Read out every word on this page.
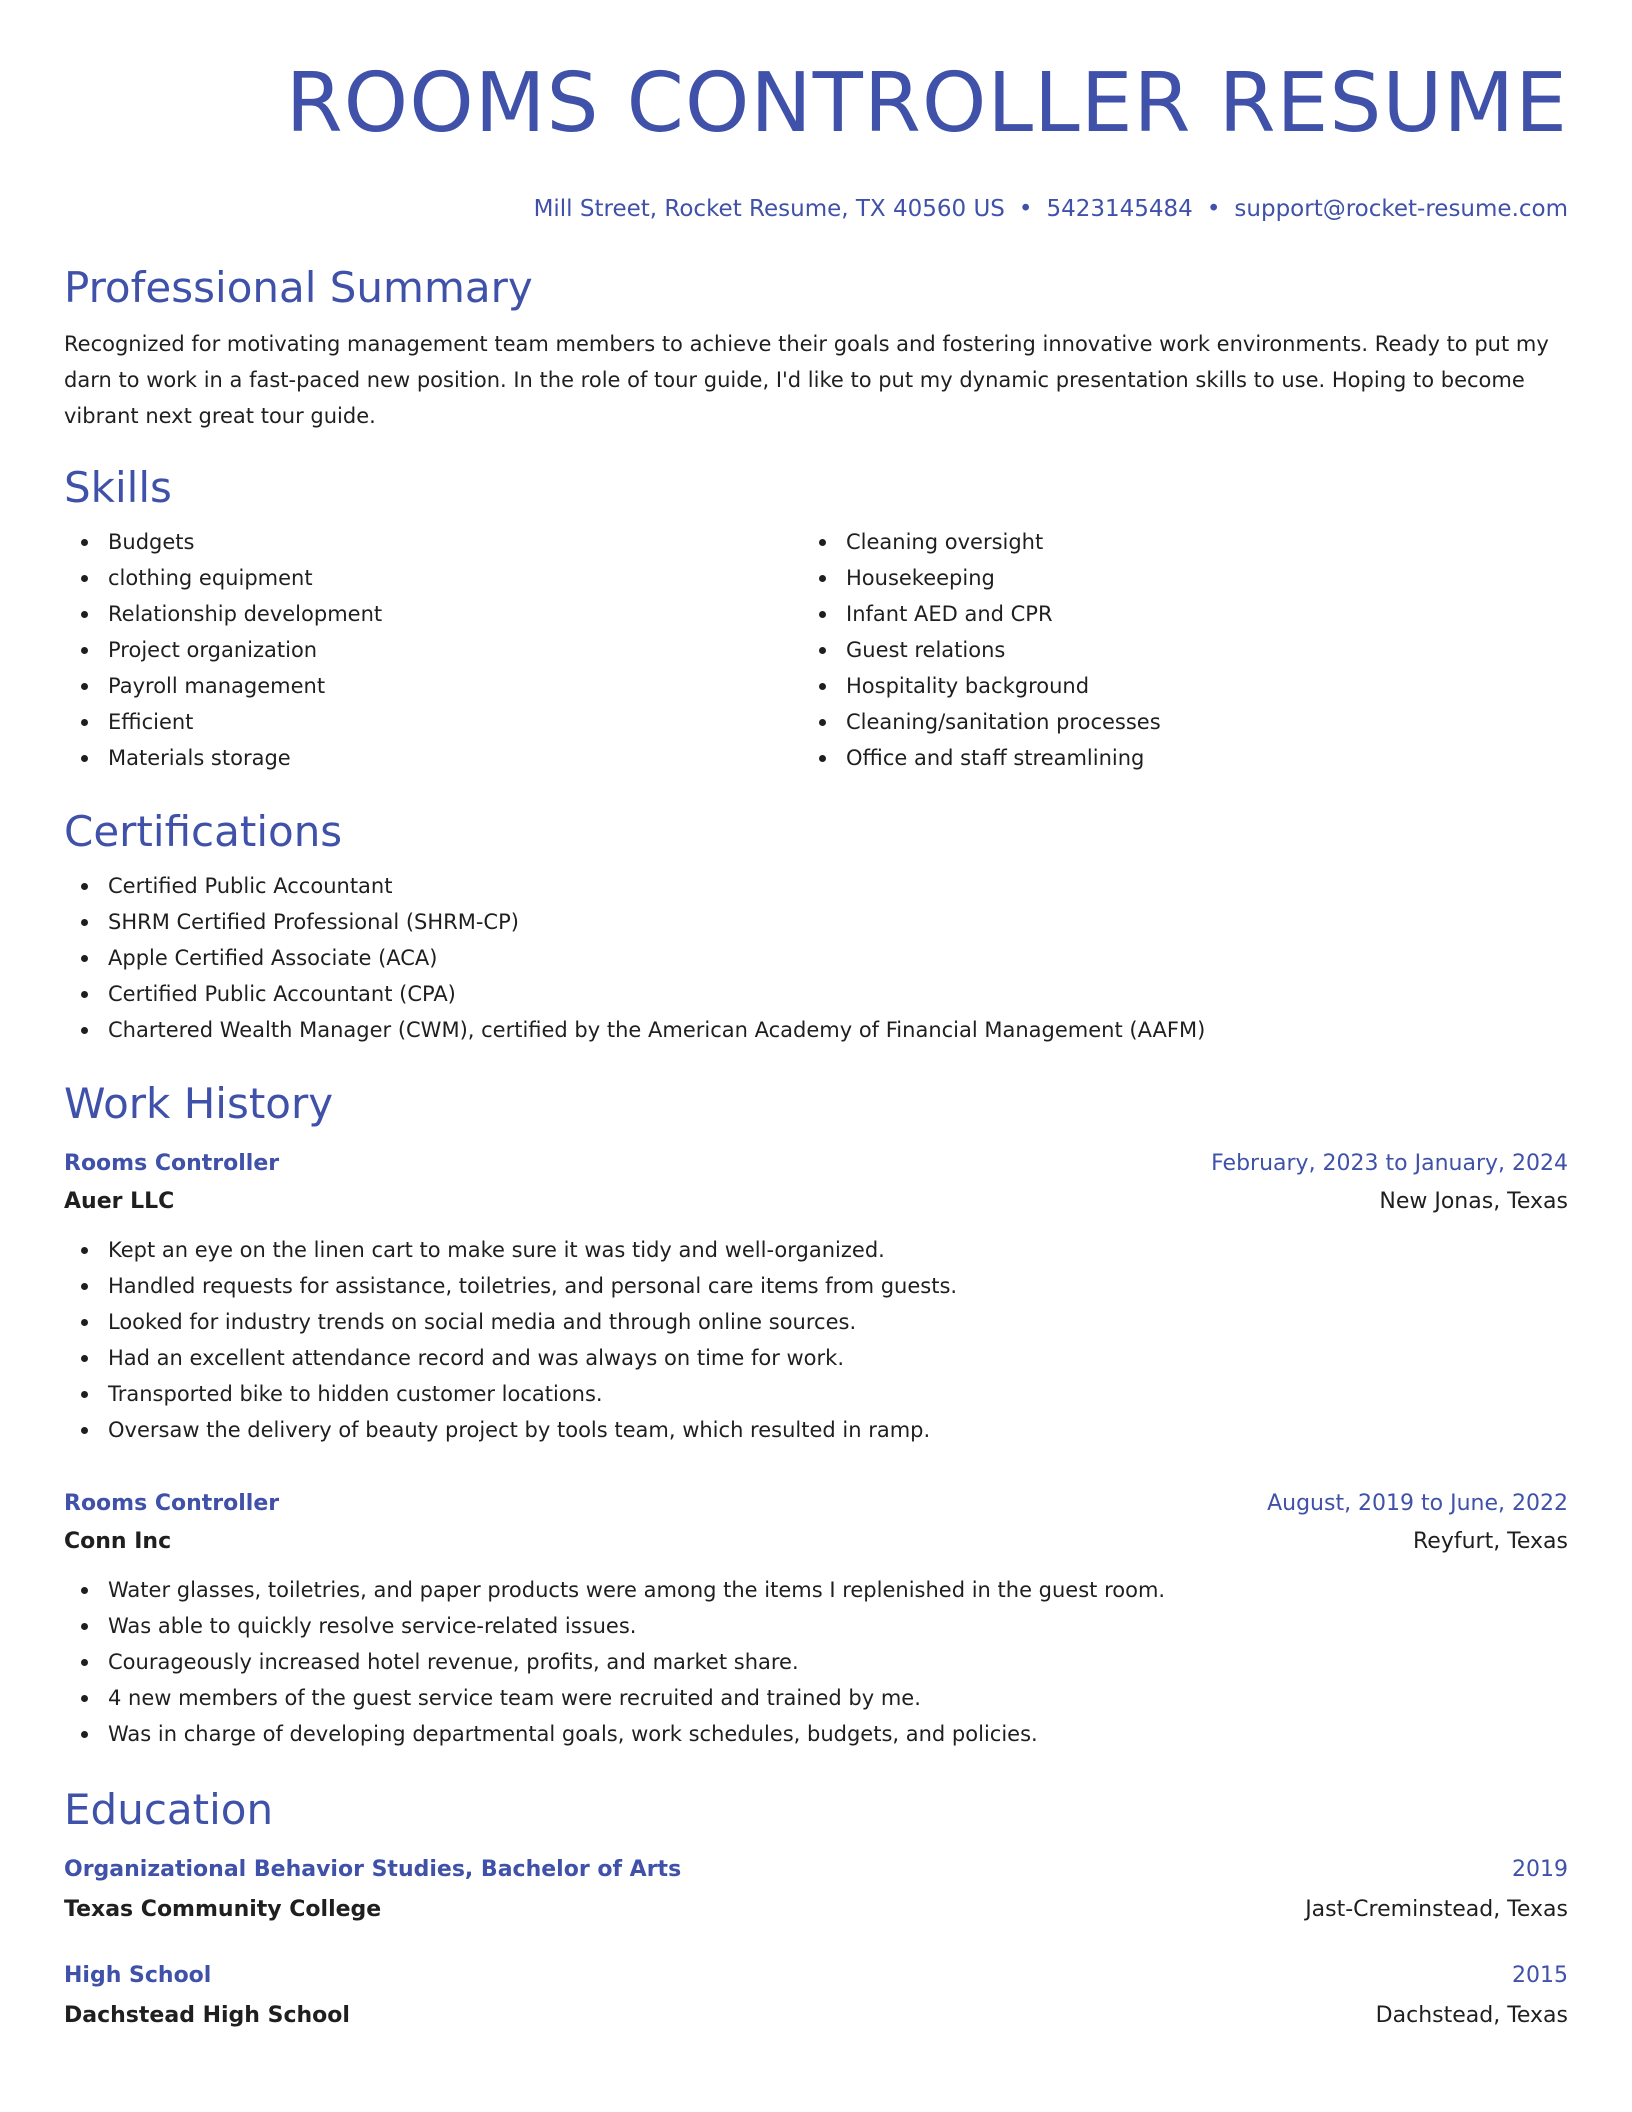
ROOMS CONTROLLER RESUME
Mill Street, Rocket Resume, TX 40560 US • 5423145484 • support@rocket-resume.com
Professional Summary
Recognized for motivating management team members to achieve their goals and fostering innovative work environments. Ready to put my darn to work in a fast-paced new position. In the role of tour guide, I'd like to put my dynamic presentation skills to use. Hoping to become vibrant next great tour guide.
Skills
Budgets
clothing equipment
Relationship development
Project organization
Payroll management
Efficient
Materials storage
Cleaning oversight
Housekeeping
Infant AED and CPR
Guest relations
Hospitality background
Cleaning/sanitation processes
Office and staff streamlining
Certifications
Certified Public Accountant
SHRM Certified Professional (SHRM-CP)
Apple Certified Associate (ACA)
Certified Public Accountant (CPA)
Chartered Wealth Manager (CWM), certified by the American Academy of Financial Management (AAFM)
Work History
Rooms Controller	February, 2023 to January, 2024
Auer LLC	New Jonas, Texas
Kept an eye on the linen cart to make sure it was tidy and well-organized.
Handled requests for assistance, toiletries, and personal care items from guests.
Looked for industry trends on social media and through online sources.
Had an excellent attendance record and was always on time for work.
Transported bike to hidden customer locations.
Oversaw the delivery of beauty project by tools team, which resulted in ramp.
Rooms Controller	August, 2019 to June, 2022
Conn Inc	Reyfurt, Texas
Water glasses, toiletries, and paper products were among the items I replenished in the guest room.
Was able to quickly resolve service-related issues.
Courageously increased hotel revenue, profits, and market share.
4 new members of the guest service team were recruited and trained by me.
Was in charge of developing departmental goals, work schedules, budgets, and policies.
Education
Organizational Behavior Studies, Bachelor of Arts	2019
Texas Community College	Jast-Creminstead, Texas
High School	2015
Dachstead High School	Dachstead, Texas
